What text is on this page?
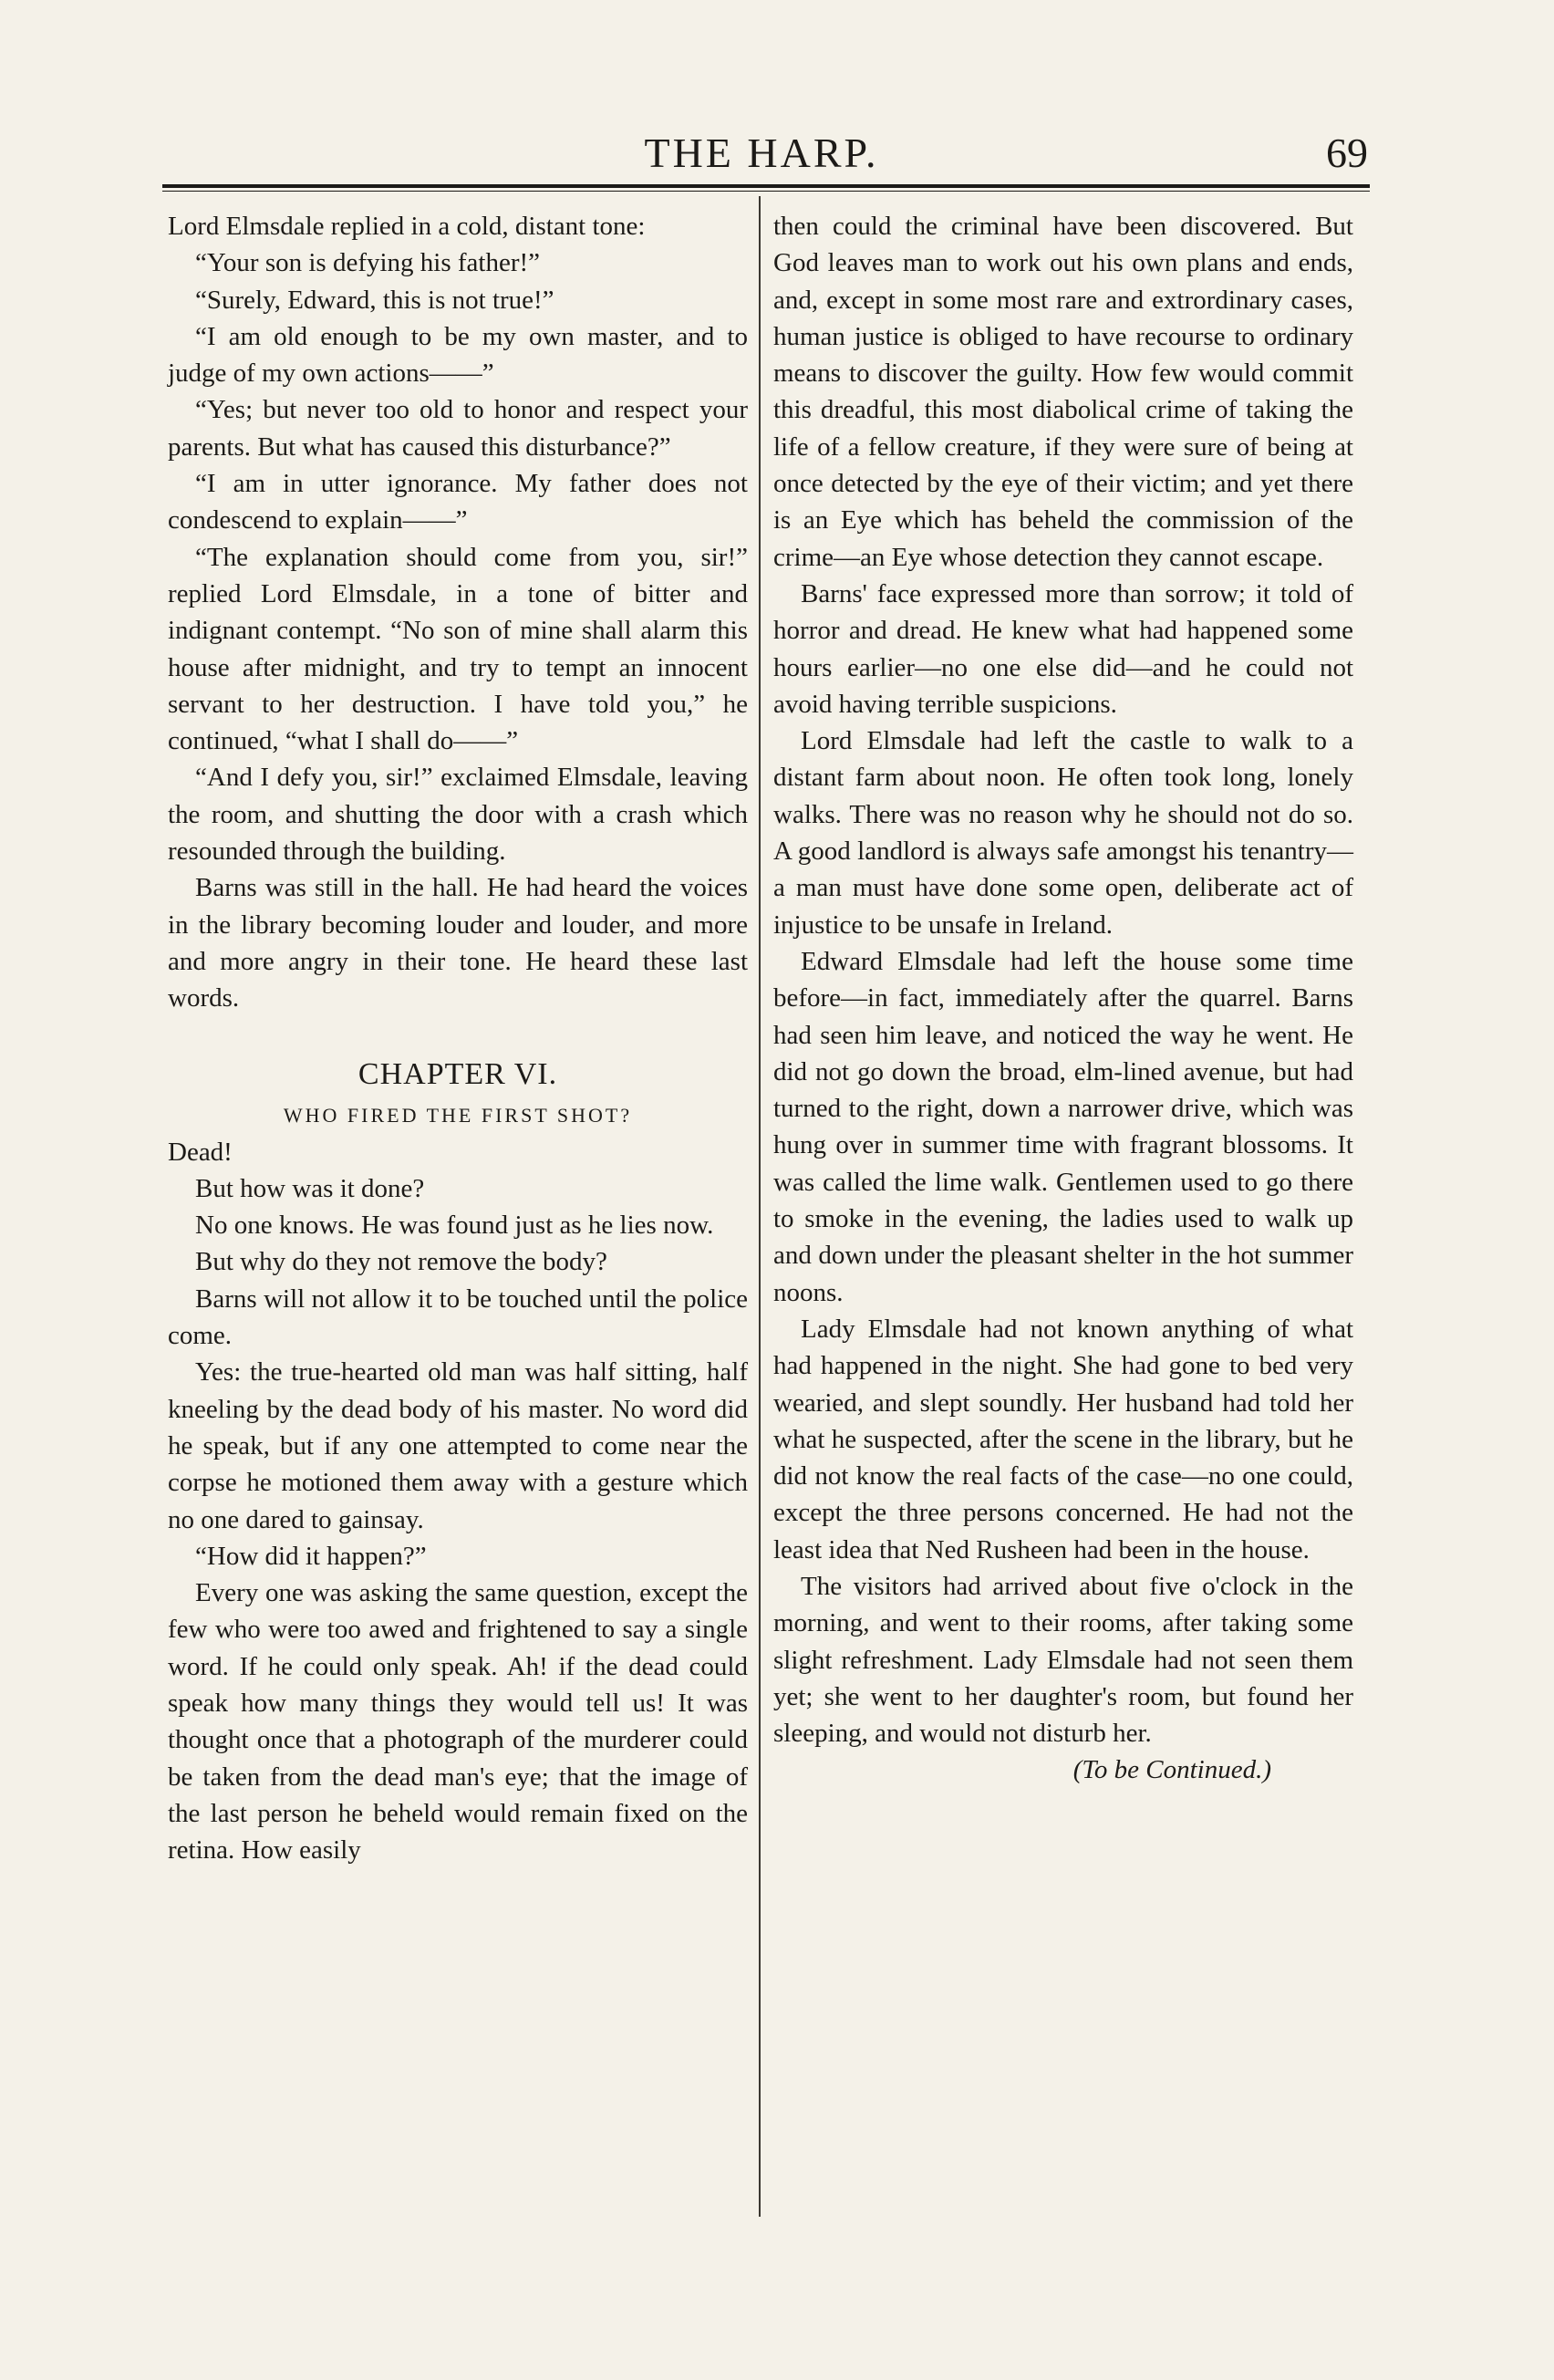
THE HARP.	69

Lord Elmsdale replied in a cold, distant tone:

“Your son is defying his father!”

“Surely, Edward, this is not true!”

“I am old enough to be my own master, and to judge of my own actions——”

“Yes; but never too old to honor and respect your parents. But what has caused this disturbance?”

“I am in utter ignorance. My father does not condescend to explain——”

“The explanation should come from you, sir!” replied Lord Elmsdale, in a tone of bitter and indignant contempt. “No son of mine shall alarm this house after midnight, and try to tempt an innocent servant to her destruction. I have told you,” he continued, “what I shall do——”

“And I defy you, sir!” exclaimed Elmsdale, leaving the room, and shutting the door with a crash which resounded through the building.

Barns was still in the hall. He had heard the voices in the library becoming louder and louder, and more and more angry in their tone. He heard these last words.

CHAPTER VI.
WHO FIRED THE FIRST SHOT?

Dead!

But how was it done?

No one knows. He was found just as he lies now.

But why do they not remove the body?

Barns will not allow it to be touched until the police come.

Yes: the true-hearted old man was half sitting, half kneeling by the dead body of his master. No word did he speak, but if any one attempted to come near the corpse he motioned them away with a gesture which no one dared to gainsay.

“How did it happen?”

Every one was asking the same question, except the few who were too awed and frightened to say a single word. If he could only speak. Ah! if the dead could speak how many things they would tell us! It was thought once that a photograph of the murderer could be taken from the dead man's eye; that the image of the last person he beheld would remain fixed on the retina. How easily

then could the criminal have been discovered. But God leaves man to work out his own plans and ends, and, except in some most rare and extrordinary cases, human justice is obliged to have recourse to ordinary means to discover the guilty. How few would commit this dreadful, this most diabolical crime of taking the life of a fellow creature, if they were sure of being at once detected by the eye of their victim; and yet there is an Eye which has beheld the commission of the crime—an Eye whose detection they cannot escape.

Barns' face expressed more than sorrow; it told of horror and dread. He knew what had happened some hours earlier—no one else did—and he could not avoid having terrible suspicions.

Lord Elmsdale had left the castle to walk to a distant farm about noon. He often took long, lonely walks. There was no reason why he should not do so. A good landlord is always safe amongst his tenantry—a man must have done some open, deliberate act of injustice to be unsafe in Ireland.

Edward Elmsdale had left the house some time before—in fact, immediately after the quarrel. Barns had seen him leave, and noticed the way he went. He did not go down the broad, elm-lined avenue, but had turned to the right, down a narrower drive, which was hung over in summer time with fragrant blossoms. It was called the lime walk. Gentlemen used to go there to smoke in the evening, the ladies used to walk up and down under the pleasant shelter in the hot summer noons.

Lady Elmsdale had not known anything of what had happened in the night. She had gone to bed very wearied, and slept soundly. Her husband had told her what he suspected, after the scene in the library, but he did not know the real facts of the case—no one could, except the three persons concerned. He had not the least idea that Ned Rusheen had been in the house.

The visitors had arrived about five o'clock in the morning, and went to their rooms, after taking some slight refreshment. Lady Elmsdale had not seen them yet; she went to her daughter's room, but found her sleeping, and would not disturb her.

(To be Continued.)
